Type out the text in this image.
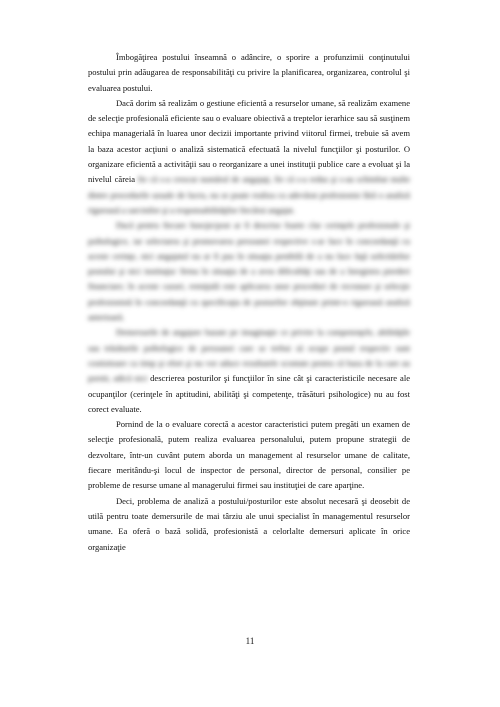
Îmbogăţirea postului înseamnă o adâncire, o sporire a profunzimii conţinutului postului prin adăugarea de responsabilităţi cu privire la planificarea, organizarea, controlul şi evaluarea postului.

Dacă dorim să realizăm o gestiune eficientă a resurselor umane, să realizăm examene de selecţie profesională eficiente sau o evaluare obiectivă a treptelor ierarhice sau să susţinem echipa managerială în luarea unor decizii importante privind viitorul firmei, trebuie să avem la baza acestor acţiuni o analiză sistematică efectuată la nivelul funcţiilor şi posturilor. O organizare eficientă a activităţii sau o reorganizare a unei instituţii publice care a evoluat şi la nivelul căreia fie că s-a crescut numărul de angajaţi, fie că s-a redus şi s-au schimbat multe dintre procedurile uzuale de lucru, nu se poate realiza cu adevărat profesionist fără o analiză riguroasă a sarcinilor şi a responsabilităţilor fiecărui angajat.

Dacă pentru fiecare funcţie/post ar fi descrise foarte clar cerinţele profesionale şi psihologice, iar selectarea şi promovarea persoanei respective s-ar face în concordanţă cu aceste cerinţe, nici angajatul nu ar fi pus în situaţia penibilă de a nu face faţă solicitărilor postului şi nici instituţia/ firma în situaţia de a avea dificultăţi sau de a înregistra pierderi financiare; în aceste cazuri, remiţială este aplicarea unor proceduri de recrutare şi selecţie profesionistă în concordanţă cu specificaţia de posturilor obţinute printr-o riguroasă analiză anterioară.

Demersurile de angajare bazate pe imaginaţie ce privire la competenţele, abilităţile sau trăsăturile psihologice de persoanei care se trebui să ocupe postul respectiv sunt costisitoare ca timp şi efort şi nu vor aduce rezultatele scontate pentru că baza de la care au pornit, adică nici descrierea posturilor şi funcţiilor în sine cât şi caracteristicile necesare ale ocupanţilor (cerinţele în aptitudini, abilităţi şi competenţe, trăsături psihologice) nu au fost corect evaluate.

Pornind de la o evaluare corectă a acestor caracteristici putem pregăti un examen de selecţie profesională, putem realiza evaluarea personalului, putem propune strategii de dezvoltare, într-un cuvânt putem aborda un management al resurselor umane de calitate, fiecare meritându-şi locul de inspector de personal, director de personal, consilier pe probleme de resurse umane al managerului firmei sau instituţiei de care aparţine.

Deci, problema de analiză a postului/posturilor este absolut necesară şi deosebit de utilă pentru toate demersurile de mai târziu ale unui specialist în managementul resurselor umane. Ea oferă o bază solidă, profesionistă a celorlalte demersuri aplicate în orice organizaţie

11
